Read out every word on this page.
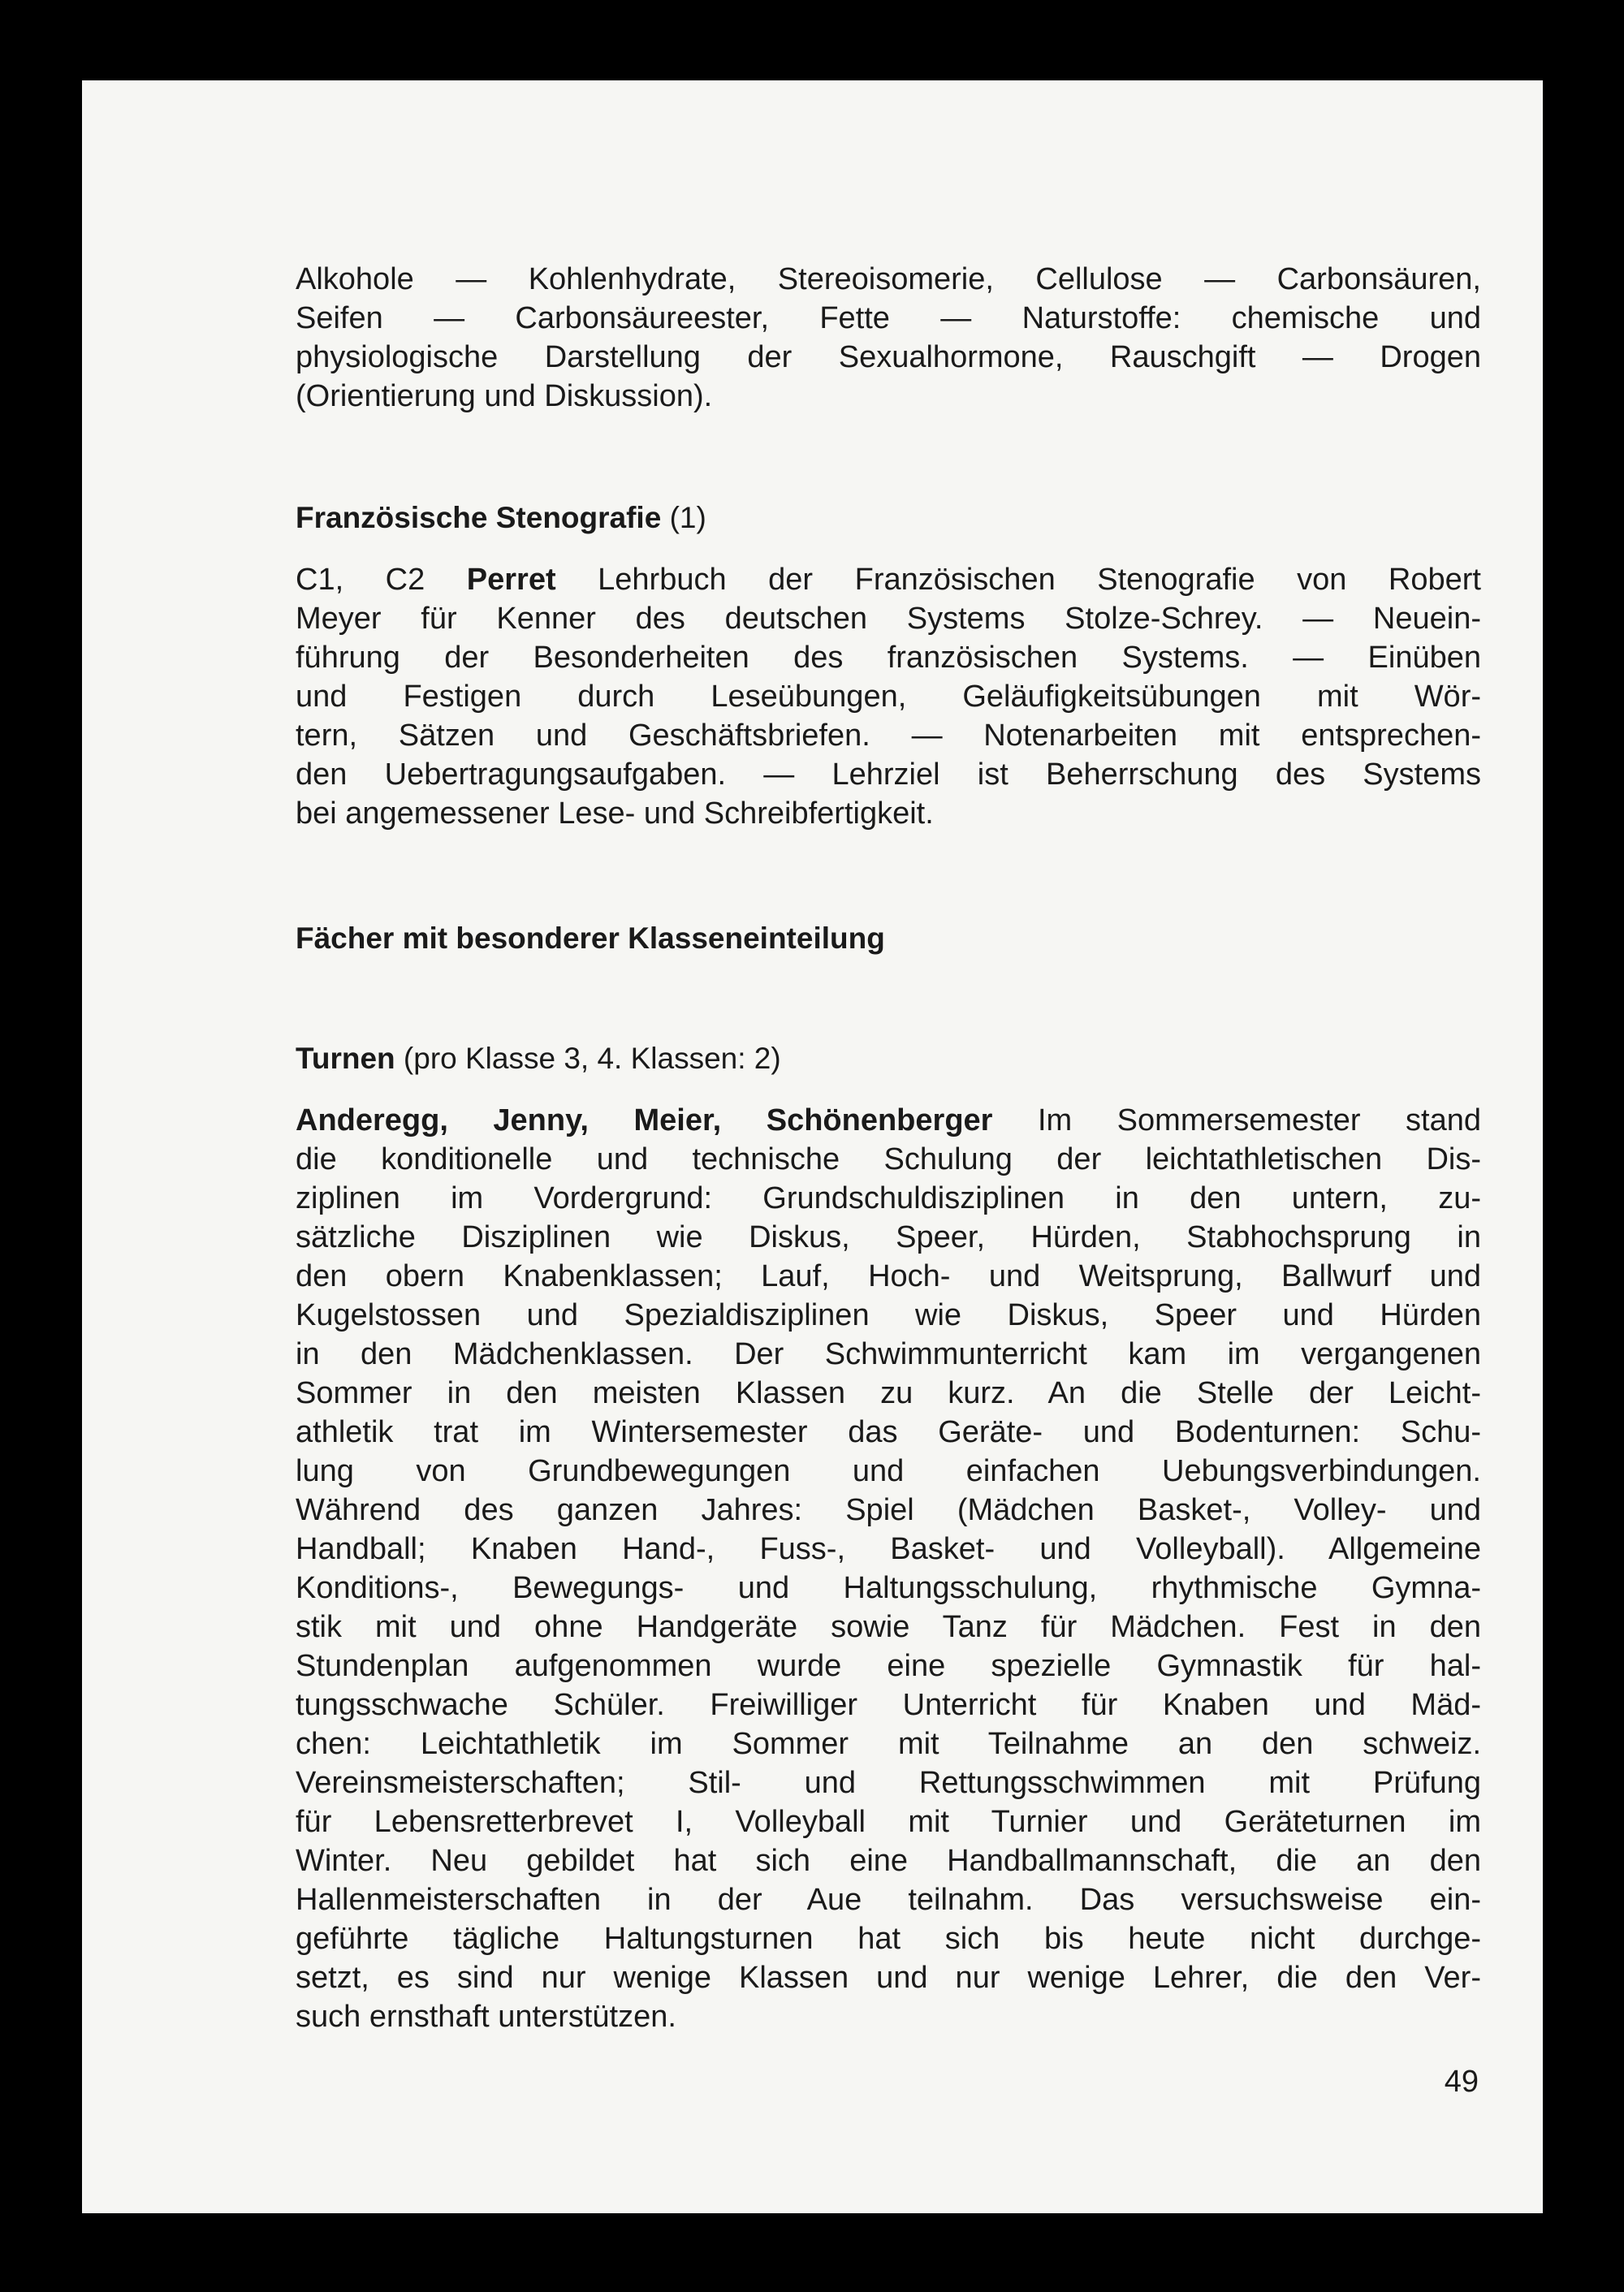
Alkohole — Kohlenhydrate, Stereoisomerie, Cellulose — Carbonsäuren,
Seifen — Carbonsäureester, Fette — Naturstoffe: chemische und
physiologische Darstellung der Sexualhormone, Rauschgift — Drogen
(Orientierung und Diskussion).
Französische Stenografie (1)
C1, C2 Perret Lehrbuch der Französischen Stenografie von Robert
Meyer für Kenner des deutschen Systems Stolze-Schrey. — Neuein-
führung der Besonderheiten des französischen Systems. — Einüben
und Festigen durch Leseübungen, Geläufigkeitsübungen mit Wör-
tern, Sätzen und Geschäftsbriefen. — Notenarbeiten mit entsprechen-
den Uebertragungsaufgaben. — Lehrziel ist Beherrschung des Systems
bei angemessener Lese- und Schreibfertigkeit.
Fächer mit besonderer Klasseneinteilung
Turnen (pro Klasse 3, 4. Klassen: 2)
Anderegg, Jenny, Meier, Schönenberger Im Sommersemester stand
die konditionelle und technische Schulung der leichtathletischen Dis-
ziplinen im Vordergrund: Grundschuldisziplinen in den untern, zu-
sätzliche Disziplinen wie Diskus, Speer, Hürden, Stabhochsprung in
den obern Knabenklassen; Lauf, Hoch- und Weitsprung, Ballwurf und
Kugelstossen und Spezialdisziplinen wie Diskus, Speer und Hürden
in den Mädchenklassen. Der Schwimmunterricht kam im vergangenen
Sommer in den meisten Klassen zu kurz. An die Stelle der Leicht-
athletik trat im Wintersemester das Geräte- und Bodenturnen: Schu-
lung von Grundbewegungen und einfachen Uebungsverbindungen.
Während des ganzen Jahres: Spiel (Mädchen Basket-, Volley- und
Handball; Knaben Hand-, Fuss-, Basket- und Volleyball). Allgemeine
Konditions-, Bewegungs- und Haltungsschulung, rhythmische Gymna-
stik mit und ohne Handgeräte sowie Tanz für Mädchen. Fest in den
Stundenplan aufgenommen wurde eine spezielle Gymnastik für hal-
tungsschwache Schüler. Freiwilliger Unterricht für Knaben und Mäd-
chen: Leichtathletik im Sommer mit Teilnahme an den schweiz.
Vereinsmeisterschaften; Stil- und Rettungsschwimmen mit Prüfung
für Lebensretterbrevet I, Volleyball mit Turnier und Geräteturnen im
Winter. Neu gebildet hat sich eine Handballmannschaft, die an den
Hallenmeisterschaften in der Aue teilnahm. Das versuchsweise ein-
geführte tägliche Haltungsturnen hat sich bis heute nicht durchge-
setzt, es sind nur wenige Klassen und nur wenige Lehrer, die den Ver-
such ernsthaft unterstützen.
49
